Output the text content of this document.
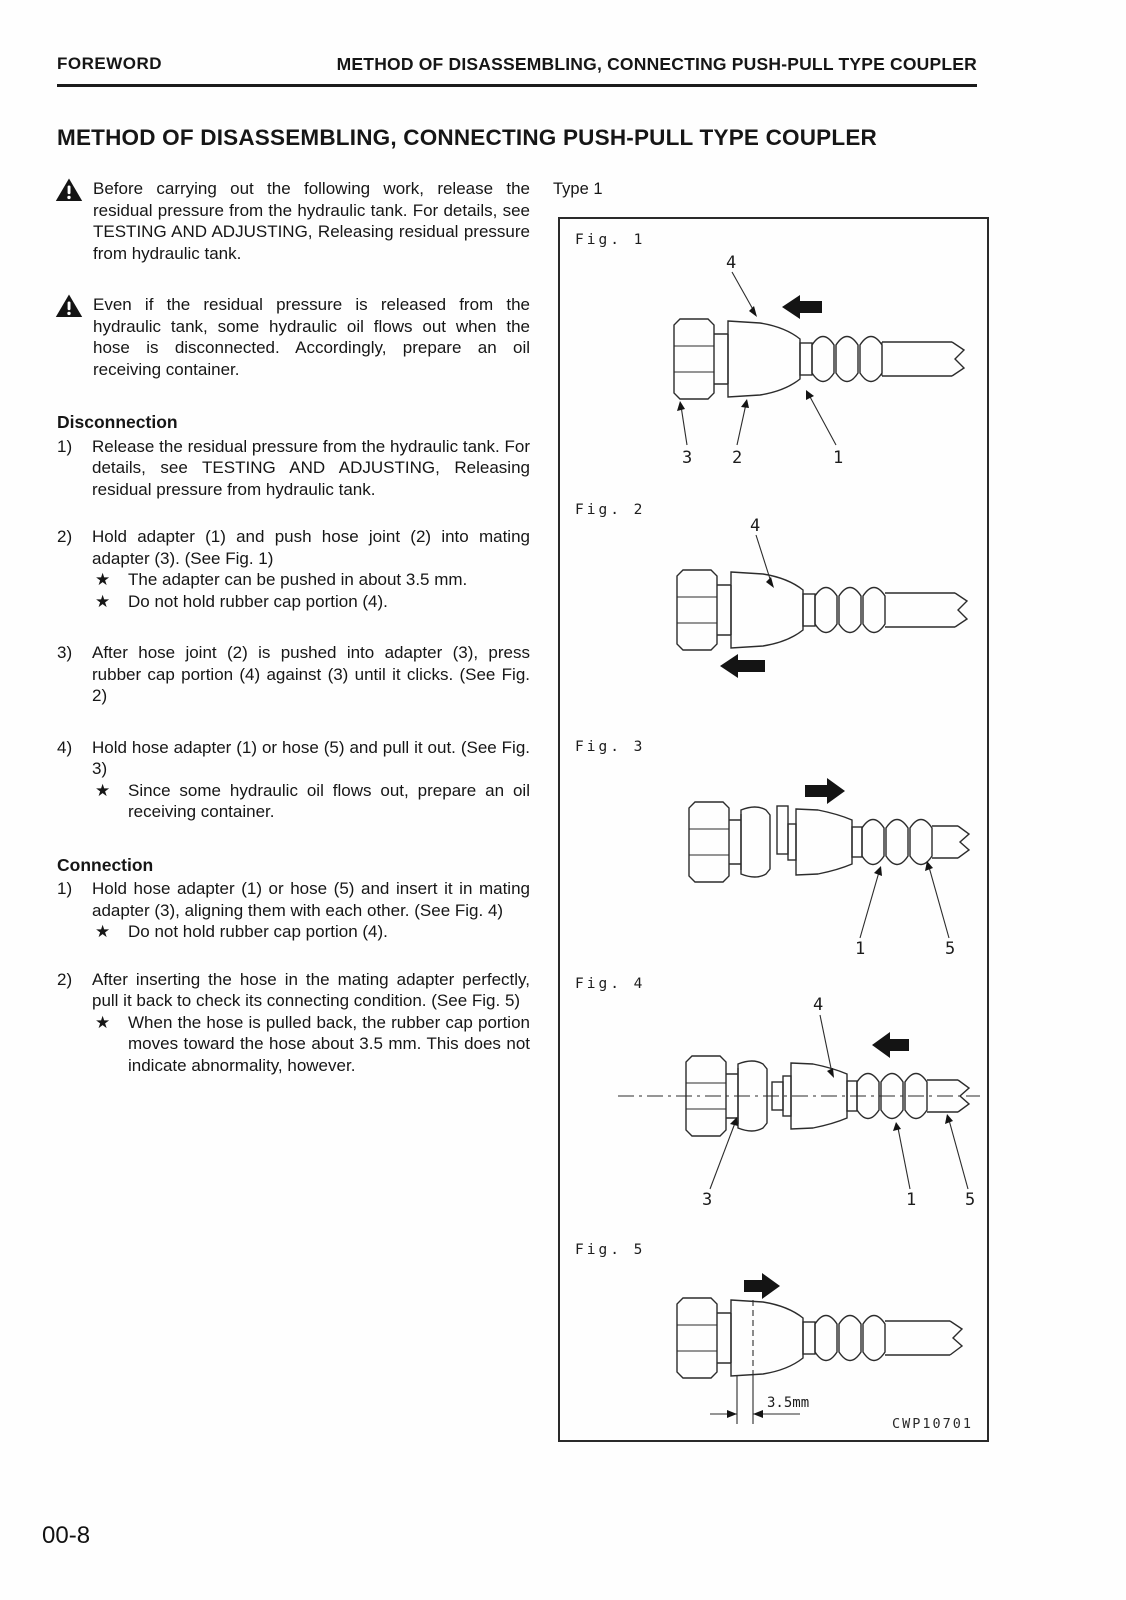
FOREWORD	METHOD OF DISASSEMBLING, CONNECTING PUSH-PULL TYPE COUPLER
METHOD OF DISASSEMBLING, CONNECTING PUSH-PULL TYPE COUPLER
Before carrying out the following work, release the residual pressure from the hydraulic tank. For details, see TESTING AND ADJUSTING, Releasing residual pressure from hydraulic tank.
Even if the residual pressure is released from the hydraulic tank, some hydraulic oil flows out when the hose is disconnected. Accordingly, prepare an oil receiving container.
Disconnection
1)	Release the residual pressure from the hydraulic tank. For details, see TESTING AND ADJUSTING, Releasing residual pressure from hydraulic tank.
2)	Hold adapter (1) and push hose joint (2) into mating adapter (3). (See Fig. 1)
★	The adapter can be pushed in about 3.5 mm.
★	Do not hold rubber cap portion (4).
3)	After hose joint (2) is pushed into adapter (3), press rubber cap portion (4) against (3) until it clicks. (See Fig. 2)
4)	Hold hose adapter (1) or hose (5) and pull it out. (See Fig. 3)
★	Since some hydraulic oil flows out, prepare an oil receiving container.
Connection
1)	Hold hose adapter (1) or hose (5) and insert it in mating adapter (3), aligning them with each other. (See Fig. 4)
★	Do not hold rubber cap portion (4).
2)	After inserting the hose in the mating adapter perfectly, pull it back to check its connecting condition. (See Fig. 5)
★	When the hose is pulled back, the rubber cap portion moves toward the hose about 3.5 mm. This does not indicate abnormality, however.
Type 1
Fig. 1
4
3 2	1
Fig. 2
4
Fig. 3
1	5
Fig. 4
4
3	1	5
Fig. 5
3.5mm
CWP10701
00-8
